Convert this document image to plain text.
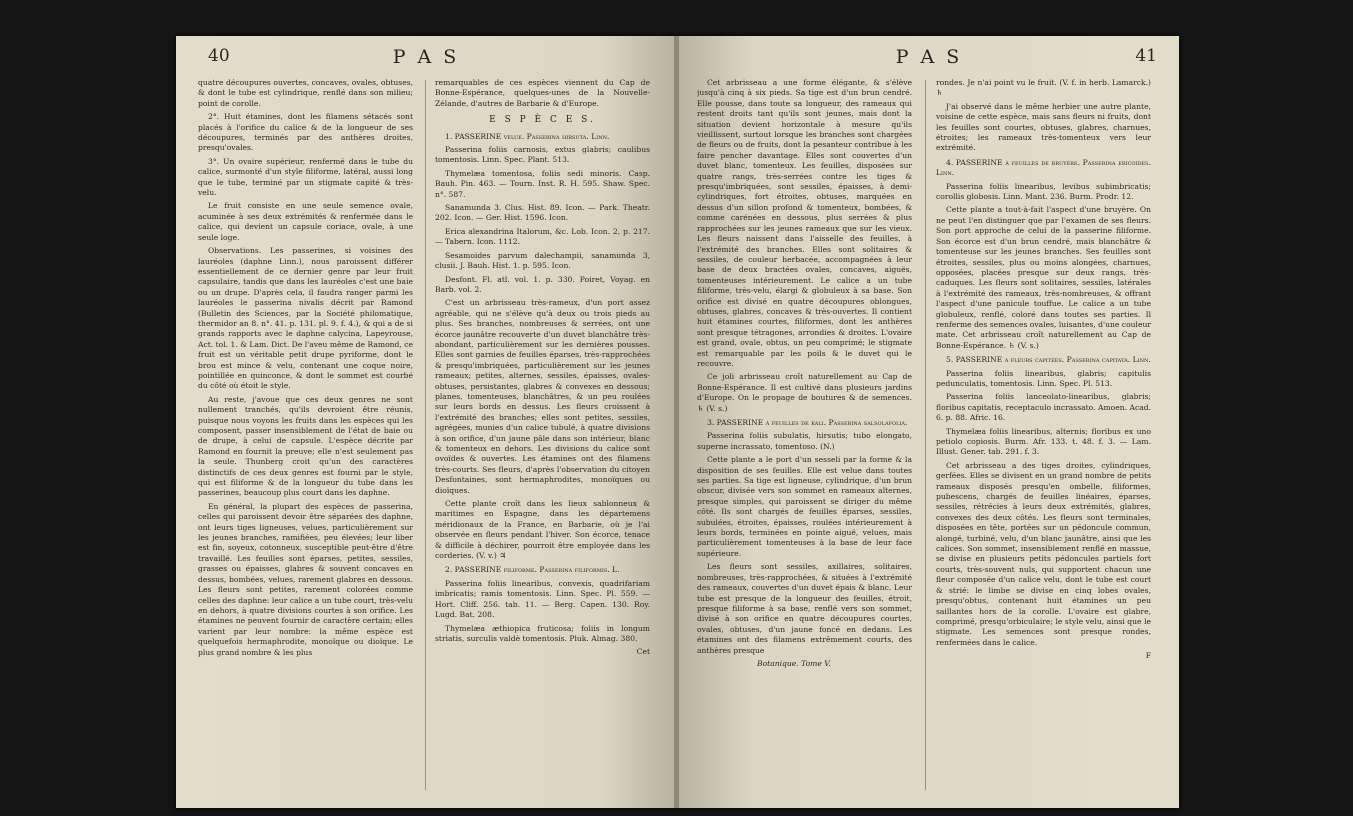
40	P A S

quatre découpures ouvertes, concaves, ovales, obtuses, & dont le tube est cylindrique, renflé dans son milieu; point de corolle.

2°. Huit étamines, dont les filamens sétacés sont placés à l'orifice du calice & de la longueur de ses découpures, terminés par des anthères droites, presqu'ovales.

3°. Un ovaire supérieur, renfermé dans le tube du calice, surmonté d'un style filiforme, latéral, aussi long que le tube, terminé par un stigmate capité & très-velu.

Le fruit consiste en une seule semence ovale, acuminée à ses deux extrémités & renfermée dans le calice, qui devient un capsule coriace, ovale, à une seule loge.

Observations. Les passerines, si voisines des lauréoles (daphne Linn.), nous paroissent différer essentiellement de ce dernier genre par leur fruit capsulaire, tandis que dans les lauréoles c'est une baie ou un drupe. D'après cela, il faudra ranger parmi les lauréoles le passerina nivalis décrit par Ramond (Bulletin des Sciences, par la Société philomatique, thermidor an 8. n°. 41. p. 131. pl. 9. f. 4.), & qui a de si grands rapports avec le daphne calycina, Lapeyrouse, Act. tol. 1. & Lam. Dict. De l'aveu même de Ramond, ce fruit est un véritable petit drupe pyriforme, dont le brou est mince & velu, contenant une coque noire, pointillée en quinconce, & dont le sommet est courbé du côté où étoit le style.

Au reste, j'avoue que ces deux genres ne sont nullement tranchés, qu'ils devroient être réunis, puisque nous voyons les fruits dans les espèces qui les composent, passer insensiblement de l'état de baie ou de drupe, à celui de capsule. L'espèce décrite par Ramond en fournit la preuve; elle n'est seulement pas la seule. Thunberg croit qu'un des caractères distinctifs de ces deux genres est fourni par le style, qui est filiforme & de la longueur du tube dans les passerines, beaucoup plus court dans les daphne.

En général, la plupart des espèces de passerina, celles qui paroissent devoir être séparées des daphne, ont leurs tiges ligneuses, velues, particulièrement sur les jeunes branches, ramifiées, peu élevées; leur liber est fin, soyeux, cotonneux, susceptible peut-être d'être travaillé. Les feuilles sont éparses, petites, sessiles, grasses ou épaisses, glabres & souvent concaves en dessus, bombées, velues, rarement glabres en dessous. Les fleurs sont petites, rarement colorées comme celles des daphne: leur calice a un tube court, très-velu en dehors, à quatre divisions courtes à son orifice. Les étamines ne peuvent fournir de caractère certain; elles varient par leur nombre: la même espèce est quelquefois hermaphrodite, monoïque ou dioïque. Le plus grand nombre & les plus

remarquables de ces espèces viennent du Cap de Bonne-Espérance, quelques-unes de la Nouvelle-Zélande, d'autres de Barbarie & d'Europe.

E S P È C E S.

1. PASSERINE velue. Passerina hirsuta. Linn.

Passerina foliis carnosis, extus glabris; caulibus tomentosis. Linn. Spec. Plant. 513.

Thymelæa tomentosa, foliis sedi minoris. Casp. Bauh. Pin. 463. — Tourn. Inst. R. H. 595. Shaw. Spec. n°. 587.

Sanamunda 3. Clus. Hist. 89. Icon. — Park. Theatr. 202. Icon. — Ger. Hist. 1596. Icon.

Erica alexandrina Italorum, &c. Lob. Icon. 2, p. 217. — Tabern. Icon. 1112.

Sesamoides parvum dalechampii, sanamunda 3, clusii. J. Bauh. Hist. 1. p. 595. Icon.

Desfont. Fl. atl. vol. 1. p. 330. Poiret, Voyag. en Barb. vol. 2.

C'est un arbrisseau très-rameux, d'un port assez agréable, qui ne s'élève qu'à deux ou trois pieds au plus. Ses branches, nombreuses & serrées, ont une écorce jaunâtre recouverte d'un duvet blanchâtre très-abondant, particulièrement sur les dernières pousses. Elles sont garnies de feuilles éparses, très-rapprochées & presqu'imbriquées, particulièrement sur les jeunes rameaux; petites, alternes, sessiles, épaisses, ovales-obtuses, persistantes, glabres & convexes en dessous; planes, tomenteuses, blanchâtres, & un peu roulées sur leurs bords en dessus. Les fleurs croissent à l'extrémité des branches; elles sont petites, sessiles, agrégées, munies d'un calice tubulé, à quatre divisions à son orifice, d'un jaune pâle dans son intérieur, blanc & tomenteux en dehors. Les divisions du calice sont ovoïdes & ouvertes. Les étamines ont des filamens très-courts. Ses fleurs, d'après l'observation du citoyen Desfontaines, sont hermaphrodites, monoïques ou dioïques.

Cette plante croît dans les lieux sablonneux & maritimes en Espagne, dans les départemens méridionaux de la France, en Barbarie, où je l'ai observée en fleurs pendant l'hiver. Son écorce, tenace & difficile à déchirer, pourroit être employée dans les corderies. (V. v.) ♃

2. PASSERINE filiforme. Passerina filiformis. L.

Passerina foliis linearibus, convexis, quadrifariam imbricatis; ramis tomentosis. Linn. Spec. Pl. 559. — Hort. Cliff. 256. tab. 11. — Berg. Capen. 130. Roy. Lugd. Bat. 208.

Thymelæa æthiopica fruticosa; foliis in longum striatis, surculis valdè tomentosis. Pluk. Almag. 380.

Cet

P A S	41

Cet arbrisseau a une forme élégante, & s'élève jusqu'à cinq à six pieds. Sa tige est d'un brun cendré. Elle pousse, dans toute sa longueur, des rameaux qui restent droits tant qu'ils sont jeunes, mais dont la situation devient horizontale à mesure qu'ils vieillissent, surtout lorsque les branches sont chargées de fleurs ou de fruits, dont la pesanteur contribue à les faire pencher davantage. Elles sont couvertes d'un duvet blanc, tomenteux. Les feuilles, disposées sur quatre rangs, très-serrées contre les tiges & presqu'imbriquées, sont sessiles, épaisses, à demi-cylindriques, fort étroites, obtuses, marquées en dessus d'un sillon profond & tomenteux, bombées, & comme carénées en dessous, plus serrées & plus rapprochées sur les jeunes rameaux que sur les vieux. Les fleurs naissent dans l'aisselle des feuilles, à l'extrémité des branches. Elles sont solitaires & sessiles, de couleur herbacée, accompagnées à leur base de deux bractées ovales, concaves, aiguës, tomenteuses intérieurement. Le calice a un tube filiforme, très-velu, élargi & globuleux à sa base. Son orifice est divisé en quatre découpures oblongues, obtuses, glabres, concaves & très-ouvertes. Il contient huit étamines courtes, filiformes, dont les anthères sont presque tétragones, arrondies & droites. L'ovaire est grand, ovale, obtus, un peu comprimé; le stigmate est remarquable par les poils & le duvet qui le recouvre.

Ce joli arbrisseau croît naturellement au Cap de Bonne-Espérance. Il est cultivé dans plusieurs jardins d'Europe. On le propage de boutures & de semences. ♄ (V. s.)

3. PASSERINE à feuilles de kali. Passerina salsolafolia.

Passerina foliis subulatis, hirsutis; tubo elongato, superne incrassato, tomentoso. (N.)

Cette plante a le port d'un sesseli par la forme & la disposition de ses feuilles. Elle est velue dans toutes ses parties. Sa tige est ligneuse, cylindrique, d'un brun obscur, divisée vers son sommet en rameaux alternes, presque simples, qui paroissent se diriger du même côté. Ils sont chargés de feuilles éparses, sessiles, subulées, étroites, épaisses, roulées intérieurement à leurs bords, terminées en pointe aiguë, velues, mais particulièrement tomenteuses à la base de leur face supérieure.

Les fleurs sont sessiles, axillaires, solitaires, nombreuses, très-rapprochées, & situées à l'extrémité des rameaux, couvertes d'un duvet épais & blanc. Leur tube est presque de la longueur des feuilles, étroit, presque filiforme à sa base, renflé vers son sommet, divisé à son orifice en quatre découpures courtes, ovales, obtuses, d'un jaune foncé en dedans. Les étamines ont des filamens extrêmement courts, des anthères presque

Botanique. Tome V.

rondes. Je n'ai point vu le fruit. (V. f. in herb. Lamarck.) ♄

J'ai observé dans le même herbier une autre plante, voisine de cette espèce, mais sans fleurs ni fruits, dont les feuilles sont courtes, obtuses, glabres, charnues, étroites; les rameaux très-tomenteux vers leur extrémité.

4. PASSERINE à feuilles de bruyère. Passerina ericoides. Linn.

Passerina foliis linearibus, levibus subimbricatis; corollis globosis. Linn. Mant. 236. Burm. Prodr. 12.

Cette plante a tout-à-fait l'aspect d'une bruyère. On ne peut l'en distinguer que par l'examen de ses fleurs. Son port approche de celui de la passerine filiforme. Son écorce est d'un brun cendré, mais blanchâtre & tomenteuse sur les jeunes branches. Ses feuilles sont étroites, sessiles, plus ou moins alongées, charnues, opposées, placées presque sur deux rangs, très-caduques. Les fleurs sont solitaires, sessiles, latérales à l'extrémité des rameaux, très-nombreuses, & offrant l'aspect d'une panicule touffue. Le calice a un tube globuleux, renflé, coloré dans toutes ses parties. Il renferme des semences ovales, luisantes, d'une couleur mate. Cet arbrisseau croît naturellement au Cap de Bonne-Espérance. ♄ (V. s.)

5. PASSERINE à fleurs capitées. Passerina capitata. Linn.

Passerina foliis linearibus, glabris; capitulis pedunculatis, tomentosis. Linn. Spec. Pl. 513.

Passerina foliis lanceolato-linearibus, glabris; floribus capitatis, receptaculo incrassato. Amoen. Acad. 6. p. 88. Afric. 16.

Thymelæa foliis linearibus, alternis; floribus ex uno petiolo copiosis. Burm. Afr. 133. t. 48. f. 3. — Lam. Illust. Gener. tab. 291. f. 3.

Cet arbrisseau a des tiges droites, cylindriques, gerfées. Elles se divisent en un grand nombre de petits rameaux disposés presqu'en ombelle, filiformes, pubescens, chargés de feuilles linéaires, éparses, sessiles, rétrécies à leurs deux extrémités, glabres, convexes des deux côtés. Les fleurs sont terminales, disposées en tête, portées sur un pédoncule commun, alongé, turbiné, velu, d'un blanc jaunâtre, ainsi que les calices. Son sommet, insensiblement renflé en massue, se divise en plusieurs petits pédoncules partiels fort courts, très-souvent nuls, qui supportent chacun une fleur composée d'un calice velu, dont le tube est court & strié: le limbe se divise en cinq lobes ovales, presqu'obtus, contenant huit étamines un peu saillantes hors de la corolle. L'ovaire est glabre, comprimé, presqu'orbiculaire; le style velu, ainsi que le stigmate. Les semences sont presque rondes, renfermées dans le calice.

F
